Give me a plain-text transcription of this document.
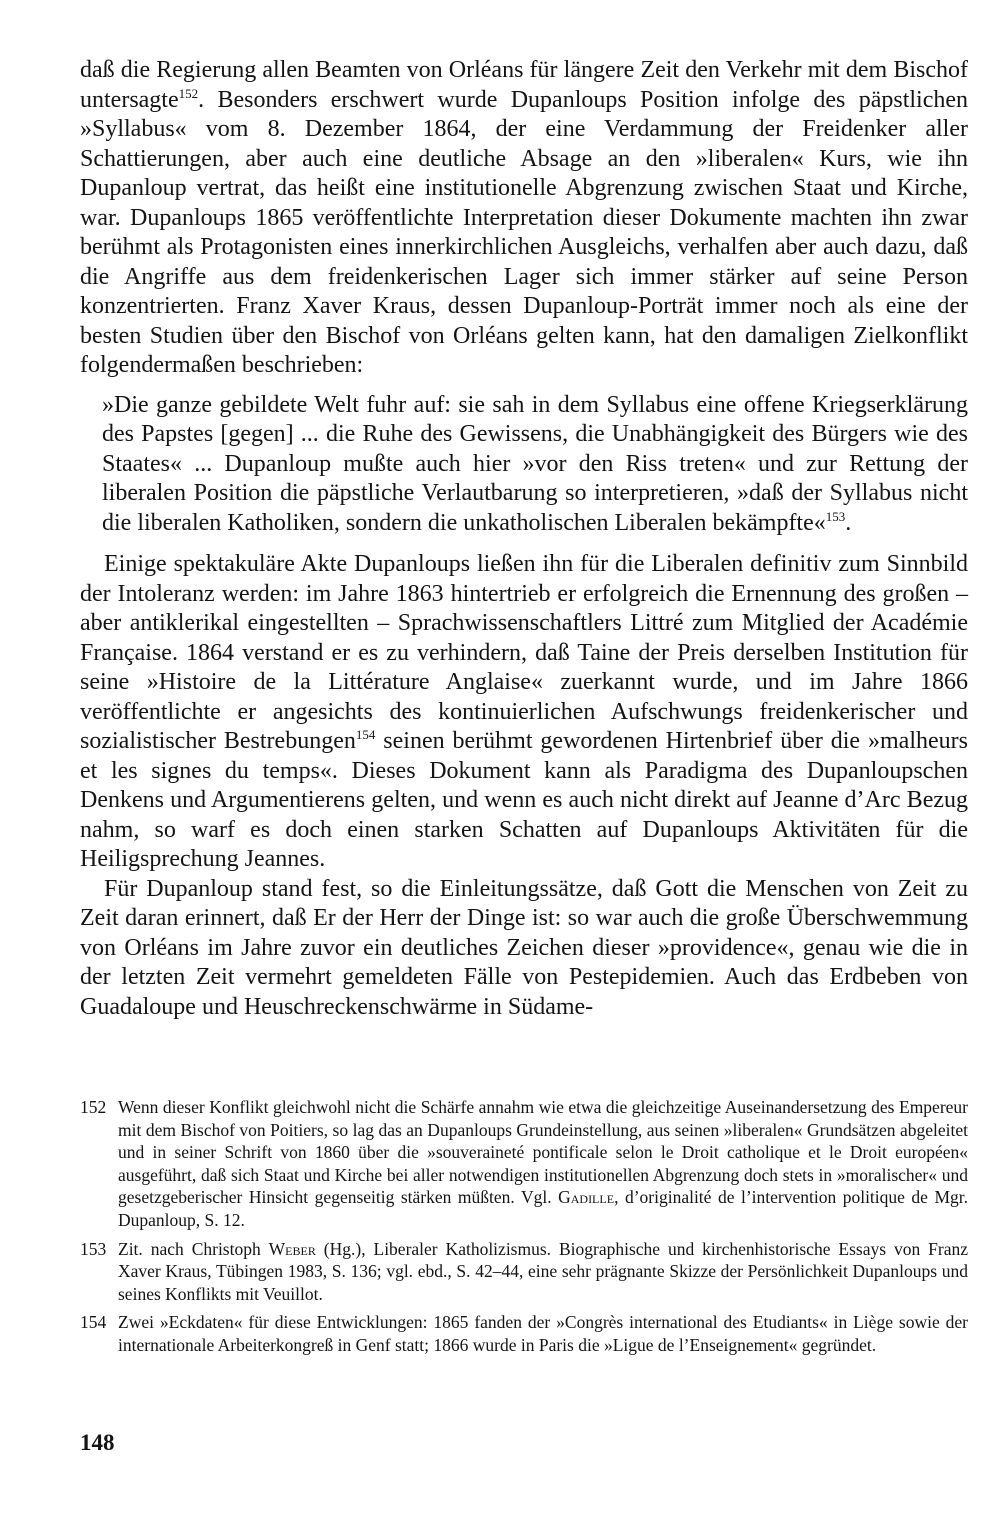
daß die Regierung allen Beamten von Orléans für längere Zeit den Verkehr mit dem Bischof untersagte$^{152}$. Besonders erschwert wurde Dupanloups Position infolge des päpstlichen »Syllabus« vom 8. Dezember 1864, der eine Verdammung der Freidenker aller Schattierungen, aber auch eine deutliche Absage an den »liberalen« Kurs, wie ihn Dupanloup vertrat, das heißt eine institutionelle Abgrenzung zwischen Staat und Kirche, war. Dupanloups 1865 veröffentlichte Interpretation dieser Dokumente machten ihn zwar berühmt als Protagonisten eines innerkirchlichen Ausgleichs, verhalfen aber auch dazu, daß die Angriffe aus dem freidenkerischen Lager sich immer stärker auf seine Person konzentrierten. Franz Xaver Kraus, dessen Dupanloup-Porträt immer noch als eine der besten Studien über den Bischof von Orléans gelten kann, hat den damaligen Zielkonflikt folgendermaßen beschrieben:

»Die ganze gebildete Welt fuhr auf: sie sah in dem Syllabus eine offene Kriegserklärung des Papstes [gegen] ... die Ruhe des Gewissens, die Unabhängigkeit des Bürgers wie des Staates« ... Dupanloup mußte auch hier »vor den Riss treten« und zur Rettung der liberalen Position die päpstliche Verlautbarung so interpretieren, »daß der Syllabus nicht die liberalen Katholiken, sondern die unkatholischen Liberalen bekämpfte«$^{153}$.

Einige spektakuläre Akte Dupanloups ließen ihn für die Liberalen definitiv zum Sinnbild der Intoleranz werden: im Jahre 1863 hintertrieb er erfolgreich die Ernennung des großen – aber antiklerikal eingestellten – Sprachwissenschaftlers Littré zum Mitglied der Académie Française. 1864 verstand er es zu verhindern, daß Taine der Preis derselben Institution für seine »Histoire de la Littérature Anglaise« zuerkannt wurde, und im Jahre 1866 veröffentlichte er angesichts des kontinuierlichen Aufschwungs freidenkerischer und sozialistischer Bestrebungen$^{154}$ seinen berühmt gewordenen Hirtenbrief über die »malheurs et les signes du temps«. Dieses Dokument kann als Paradigma des Dupanloupschen Denkens und Argumentierens gelten, und wenn es auch nicht direkt auf Jeanne d’Arc Bezug nahm, so warf es doch einen starken Schatten auf Dupanloups Aktivitäten für die Heiligsprechung Jeannes.

Für Dupanloup stand fest, so die Einleitungssätze, daß Gott die Menschen von Zeit zu Zeit daran erinnert, daß Er der Herr der Dinge ist: so war auch die große Überschwemmung von Orléans im Jahre zuvor ein deutliches Zeichen dieser »providence«, genau wie die in der letzten Zeit vermehrt gemeldeten Fälle von Pestepidemien. Auch das Erdbeben von Guadaloupe und Heuschreckenschwärme in Südame-

152 Wenn dieser Konflikt gleichwohl nicht die Schärfe annahm wie etwa die gleichzeitige Auseinandersetzung des Empereur mit dem Bischof von Poitiers, so lag das an Dupanloups Grundeinstellung, aus seinen »liberalen« Grundsätzen abgeleitet und in seiner Schrift von 1860 über die »souveraineté pontificale selon le Droit catholique et le Droit européen« ausgeführt, daß sich Staat und Kirche bei aller notwendigen institutionellen Abgrenzung doch stets in »moralischer« und gesetzgeberischer Hinsicht gegenseitig stärken müßten. Vgl. Gadille, d’originalité de l’intervention politique de Mgr. Dupanloup, S. 12.
153 Zit. nach Christoph Weber (Hg.), Liberaler Katholizismus. Biographische und kirchenhistorische Essays von Franz Xaver Kraus, Tübingen 1983, S. 136; vgl. ebd., S. 42–44, eine sehr prägnante Skizze der Persönlichkeit Dupanloups und seines Konflikts mit Veuillot.
154 Zwei »Eckdaten« für diese Entwicklungen: 1865 fanden der »Congrès international des Etudiants« in Liège sowie der internationale Arbeiterkongreß in Genf statt; 1866 wurde in Paris die »Ligue de l’Enseignement« gegründet.
148
